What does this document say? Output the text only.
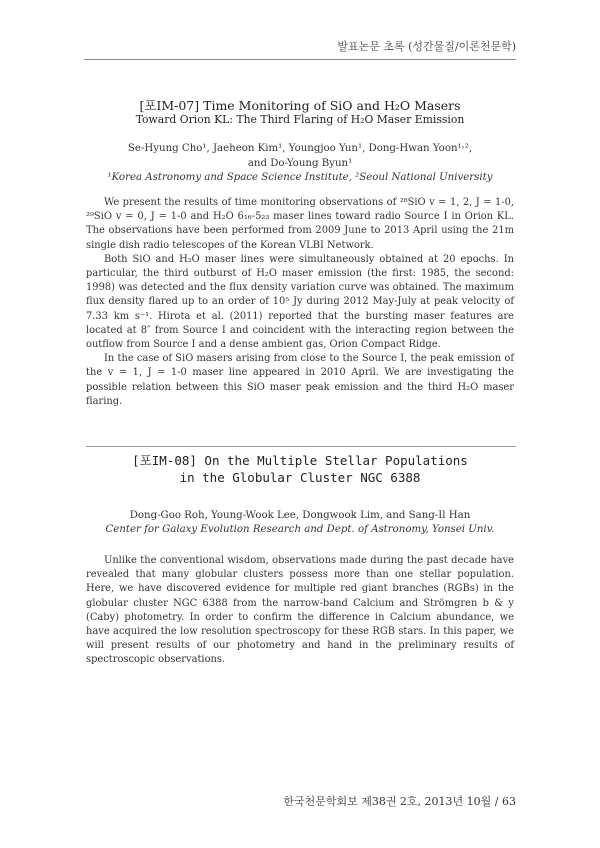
발표논문 초록 (성간물질/이론천문학)
[포IM-07] Time Monitoring of SiO and H₂O Masers
Toward Orion KL: The Third Flaring of H₂O Maser Emission
Se-Hyung Cho¹, Jaeheon Kim¹, Youngjoo Yun¹, Dong-Hwan Yoon¹˒²,
and Do-Young Byun¹
¹Korea Astronomy and Space Science Institute, ²Seoul National University

We present the results of time monitoring observations of ²⁸SiO v = 1, 2, J = 1-0, ²⁹SiO v = 0, J = 1-0 and H₂O 6₁₆-5₂₃ maser lines toward radio Source I in Orion KL. The observations have been performed from 2009 June to 2013 April using the 21m single dish radio telescopes of the Korean VLBI Network.

Both SiO and H₂O maser lines were simultaneously obtained at 20 epochs. In particular, the third outburst of H₂O maser emission (the first: 1985, the second: 1998) was detected and the flux density variation curve was obtained. The maximum flux density flared up to an order of 10⁵ Jy during 2012 May-July at peak velocity of 7.33 km s⁻¹. Hirota et al. (2011) reported that the bursting maser features are located at 8″ from Source I and coincident with the interacting region between the outflow from Source I and a dense ambient gas, Orion Compact Ridge.

In the case of SiO masers arising from close to the Source I, the peak emission of the v = 1, J = 1-0 maser line appeared in 2010 April. We are investigating the possible relation between this SiO maser peak emission and the third H₂O maser flaring.

[포IM-08] On the Multiple Stellar Populations
in the Globular Cluster NGC 6388
Dong-Goo Roh, Young-Wook Lee, Dongwook Lim, and Sang-Il Han
Center for Galaxy Evolution Research and Dept. of Astronomy, Yonsei Univ.

Unlike the conventional wisdom, observations made during the past decade have revealed that many globular clusters possess more than one stellar population. Here, we have discovered evidence for multiple red giant branches (RGBs) in the globular cluster NGC 6388 from the narrow-band Calcium and Strömgren b & y (Caby) photometry. In order to confirm the difference in Calcium abundance, we have acquired the low resolution spectroscopy for these RGB stars. In this paper, we will present results of our photometry and hand in the preliminary results of spectroscopic observations.

한국천문학회보 제38권 2호, 2013년 10월 / 63
